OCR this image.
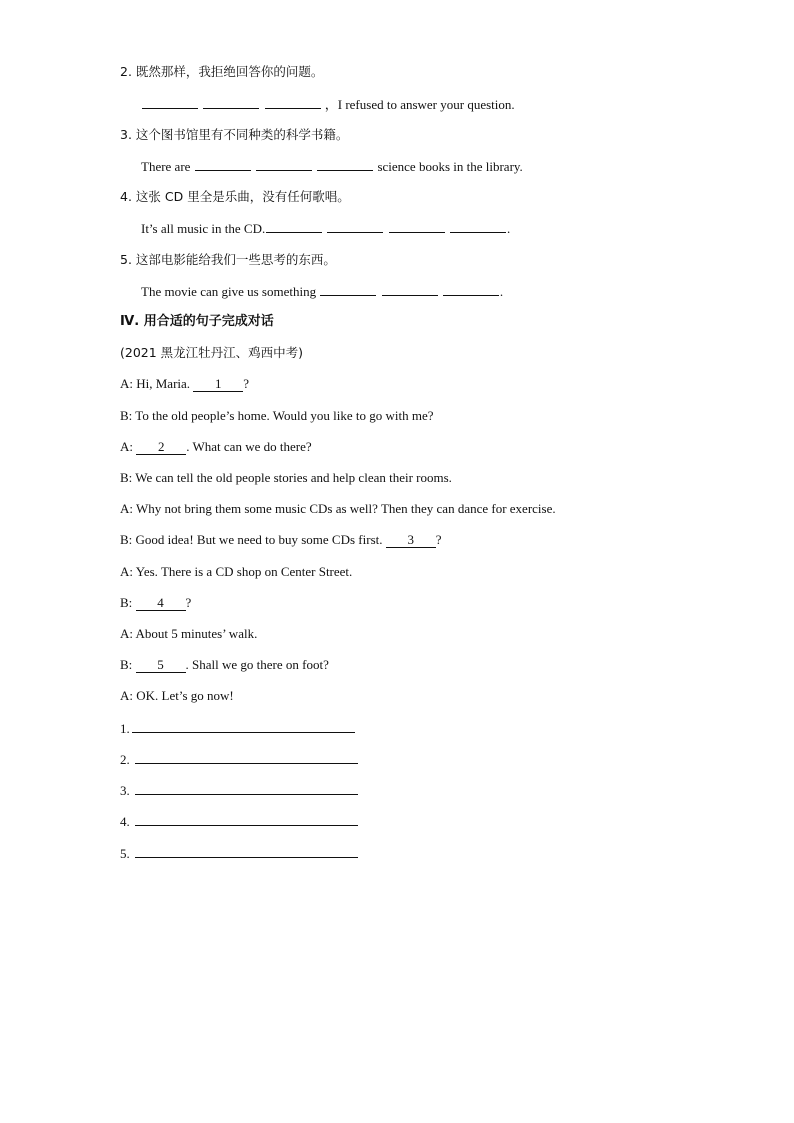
2. 既然那样，我拒绝回答你的问题。
，I refused to answer your question.
3. 这个图书馆里有不同种类的科学书籍。
There are	science books in the library.
4. 这张 CD 里全是乐曲，没有任何歌唱。
It’s all music in the CD.	.
5. 这部电影能给我们一些思考的东西。
The movie can give us something	.
Ⅳ. 用合适的句子完成对话
(2021 黑龙江牡丹江、鸡西中考)
A: Hi, Maria. 1 ?
B: To the old people’s home. Would you like to go with me?
A: 2 . What can we do there?
B: We can tell the old people stories and help clean their rooms.
A: Why not bring them some music CDs as well? Then they can dance for exercise.
B: Good idea! But we need to buy some CDs first. 3 ?
A: Yes. There is a CD shop on Center Street.
B: 4 ?
A: About 5 minutes’ walk.
B: 5 . Shall we go there on foot?
A: OK. Let’s go now!
1.
2.
3.
4.
5.
